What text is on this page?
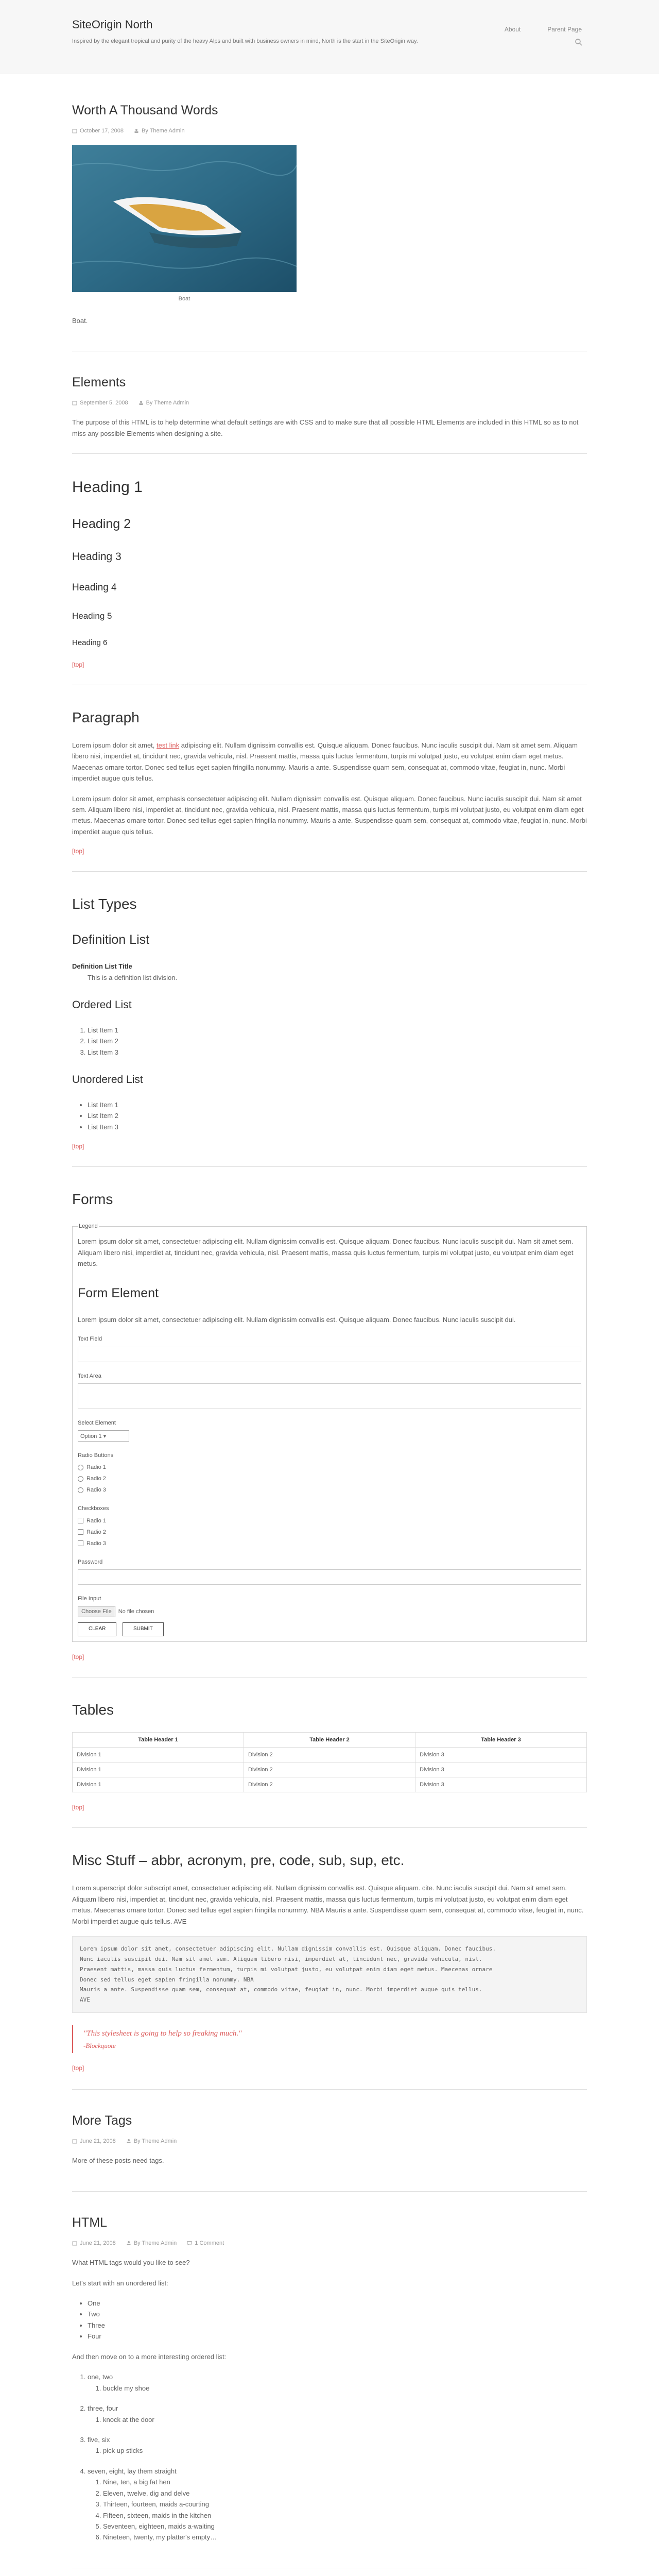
SiteOrigin North
Inspired by the elegant tropical and purity of the heavy Alps and built with business owners in mind, North is the start in the SiteOrigin way.
About	Parent Page
Worth A Thousand Words
October 17, 2008	By Theme Admin
Boat

Boat.

Elements
September 5, 2008	By Theme Admin

The purpose of this HTML is to help determine what default settings are with CSS and to make sure that all possible HTML Elements are included in this HTML so as to not miss any possible Elements when designing a site.

Heading 1
Heading 2
Heading 3
Heading 4
Heading 5
Heading 6
[top]
Paragraph

Lorem ipsum dolor sit amet, test link adipiscing elit. Nullam dignissim convallis est. Quisque aliquam. Donec faucibus. Nunc iaculis suscipit dui. Nam sit amet sem. Aliquam libero nisi, imperdiet at, tincidunt nec, gravida vehicula, nisl. Praesent mattis, massa quis luctus fermentum, turpis mi volutpat justo, eu volutpat enim diam eget metus. Maecenas ornare tortor. Donec sed tellus eget sapien fringilla nonummy. Mauris a ante. Suspendisse quam sem, consequat at, commodo vitae, feugiat in, nunc. Morbi imperdiet augue quis tellus.

Lorem ipsum dolor sit amet, emphasis consectetuer adipiscing elit. Nullam dignissim convallis est. Quisque aliquam. Donec faucibus. Nunc iaculis suscipit dui. Nam sit amet sem. Aliquam libero nisi, imperdiet at, tincidunt nec, gravida vehicula, nisl. Praesent mattis, massa quis luctus fermentum, turpis mi volutpat justo, eu volutpat enim diam eget metus. Maecenas ornare tortor. Donec sed tellus eget sapien fringilla nonummy. Mauris a ante. Suspendisse quam sem, consequat at, commodo vitae, feugiat in, nunc. Morbi imperdiet augue quis tellus.

[top]
List Types
Definition List
Definition List Title
This is a definition list division.
Ordered List
1. List Item 1
2. List Item 2
3. List Item 3
Unordered List
• List Item 1
• List Item 2
• List Item 3
[top]
Forms
Legend

Lorem ipsum dolor sit amet, consectetuer adipiscing elit. Nullam dignissim convallis est. Quisque aliquam. Donec faucibus. Nunc iaculis suscipit dui. Nam sit amet sem. Aliquam libero nisi, imperdiet at, tincidunt nec, gravida vehicula, nisl. Praesent mattis, massa quis luctus fermentum, turpis mi volutpat justo, eu volutpat enim diam eget metus.

Form Element

Lorem ipsum dolor sit amet, consectetuer adipiscing elit. Nullam dignissim convallis est. Quisque aliquam. Donec faucibus. Nunc iaculis suscipit dui.

Text Field
Text Area
Select Element
Option 1 ▾
Radio Buttons
Radio 1
Radio 2
Radio 3
Checkboxes
Radio 1
Radio 2
Radio 3
Password
File Input
Choose File	No file chosen
CLEAR	SUBMIT
[top]
Tables
Table Header 1	Table Header 2	Table Header 3
Division 1	Division 2	Division 3
Division 1	Division 2	Division 3
Division 1	Division 2	Division 3
[top]
Misc Stuff – abbr, acronym, pre, code, sub, sup, etc.

Lorem superscript dolor subscript amet, consectetuer adipiscing elit. Nullam dignissim convallis est. Quisque aliquam. cite. Nunc iaculis suscipit dui. Nam sit amet sem. Aliquam libero nisi, imperdiet at, tincidunt nec, gravida vehicula, nisl. Praesent mattis, massa quis luctus fermentum, turpis mi volutpat justo, eu volutpat enim diam eget metus. Maecenas ornare tortor. Donec sed tellus eget sapien fringilla nonummy. NBA Mauris a ante. Suspendisse quam sem, consequat at, commodo vitae, feugiat in, nunc. Morbi imperdiet augue quis tellus. AVE

Lorem ipsum dolor sit amet, consectetuer adipiscing elit. Nullam dignissim convallis est. Quisque aliquam. Donec faucibus.
Nunc iaculis suscipit dui. Nam sit amet sem. Aliquam libero nisi, imperdiet at, tincidunt nec, gravida vehicula, nisl.
Praesent mattis, massa quis luctus fermentum, turpis mi volutpat justo, eu volutpat enim diam eget metus. Maecenas ornare
Donec sed tellus eget sapien fringilla nonummy. NBA
Mauris a ante. Suspendisse quam sem, consequat at, commodo vitae, feugiat in, nunc. Morbi imperdiet augue quis tellus.
AVE
"This stylesheet is going to help so freaking much."
-Blockquote
[top]
More Tags
June 21, 2008	By Theme Admin

More of these posts need tags.

HTML
June 21, 2008	By Theme Admin	1 Comment

What HTML tags would you like to see?

Let's start with an unordered list:

• One
• Two
• Three
• Four

And then move on to a more interesting ordered list:

1. one, two
1. buckle my shoe
2. three, four
1. knock at the door
3. five, six
1. pick up sticks
4. seven, eight, lay them straight
1. Nine, ten, a big fat hen
2. Eleven, twelve, dig and delve
3. Thirteen, fourteen, maids a-courting
4. Fifteen, sixteen, maids in the kitchen
5. Seventeen, eighteen, maids a-waiting
6. Nineteen, twenty, my platter's empty…
